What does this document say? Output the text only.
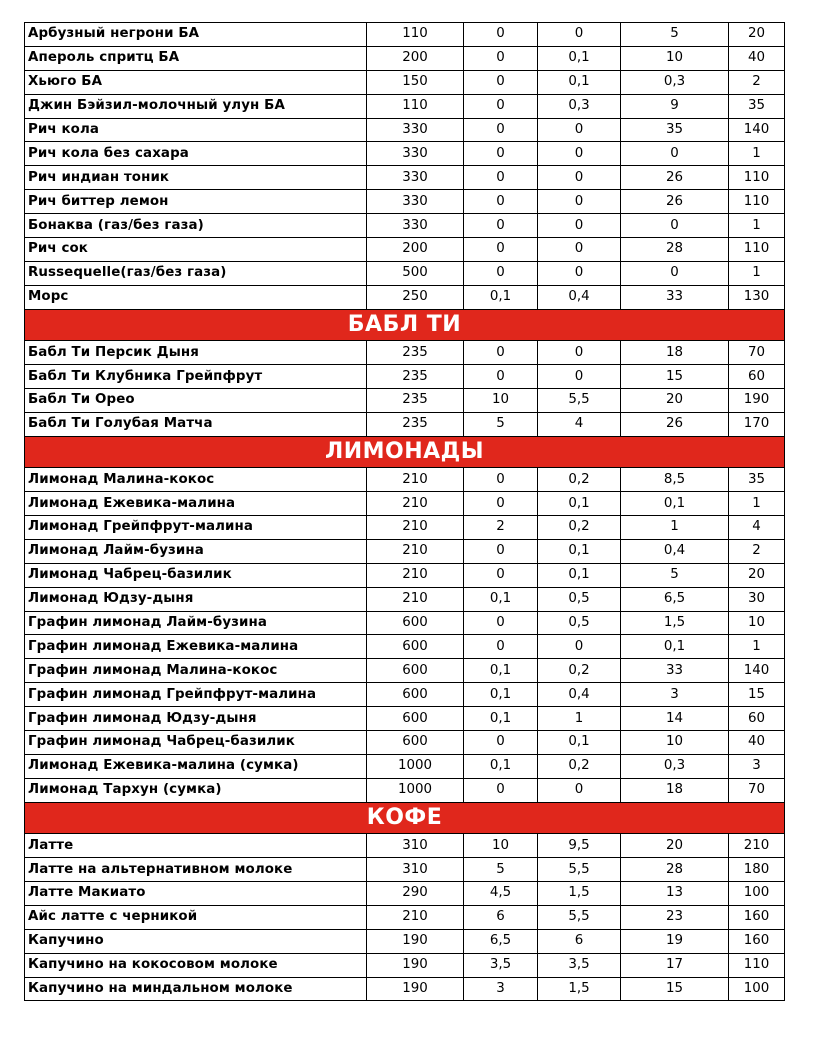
Арбузный негрони БА	110	0	0	5	20
Апероль спритц БА	200	0	0,1	10	40
Хьюго БА	150	0	0,1	0,3	2
Джин Бэйзил-молочный улун БА	110	0	0,3	9	35
Рич кола	330	0	0	35	140
Рич кола без сахара	330	0	0	0	1
Рич индиан тоник	330	0	0	26	110
Рич биттер лемон	330	0	0	26	110
Бонаква (газ/без газа)	330	0	0	0	1
Рич сок	200	0	0	28	110
Russequelle(газ/без газа)	500	0	0	0	1
Морс	250	0,1	0,4	33	130
БАБЛ ТИ					
Бабл Ти Персик Дыня	235	0	0	18	70
Бабл Ти Клубника Грейпфрут	235	0	0	15	60
Бабл Ти Орео	235	10	5,5	20	190
Бабл Ти Голубая Матча	235	5	4	26	170
ЛИМОНАДЫ					
Лимонад Малина-кокос	210	0	0,2	8,5	35
Лимонад Ежевика-малина	210	0	0,1	0,1	1
Лимонад Грейпфрут-малина	210	2	0,2	1	4
Лимонад Лайм-бузина	210	0	0,1	0,4	2
Лимонад Чабрец-базилик	210	0	0,1	5	20
Лимонад Юдзу-дыня	210	0,1	0,5	6,5	30
Графин лимонад Лайм-бузина	600	0	0,5	1,5	10
Графин лимонад Ежевика-малина	600	0	0	0,1	1
Графин лимонад Малина-кокос	600	0,1	0,2	33	140
Графин лимонад Грейпфрут-малина	600	0,1	0,4	3	15
Графин лимонад Юдзу-дыня	600	0,1	1	14	60
Графин лимонад Чабрец-базилик	600	0	0,1	10	40
Лимонад Ежевика-малина (сумка)	1000	0,1	0,2	0,3	3
Лимонад Тархун (сумка)	1000	0	0	18	70
КОФЕ					
Латте	310	10	9,5	20	210
Латте на альтернативном молоке	310	5	5,5	28	180
Латте Макиато	290	4,5	1,5	13	100
Айс латте с черникой	210	6	5,5	23	160
Капучино	190	6,5	6	19	160
Капучино на кокосовом молоке	190	3,5	3,5	17	110
Капучино на миндальном молоке	190	3	1,5	15	100
